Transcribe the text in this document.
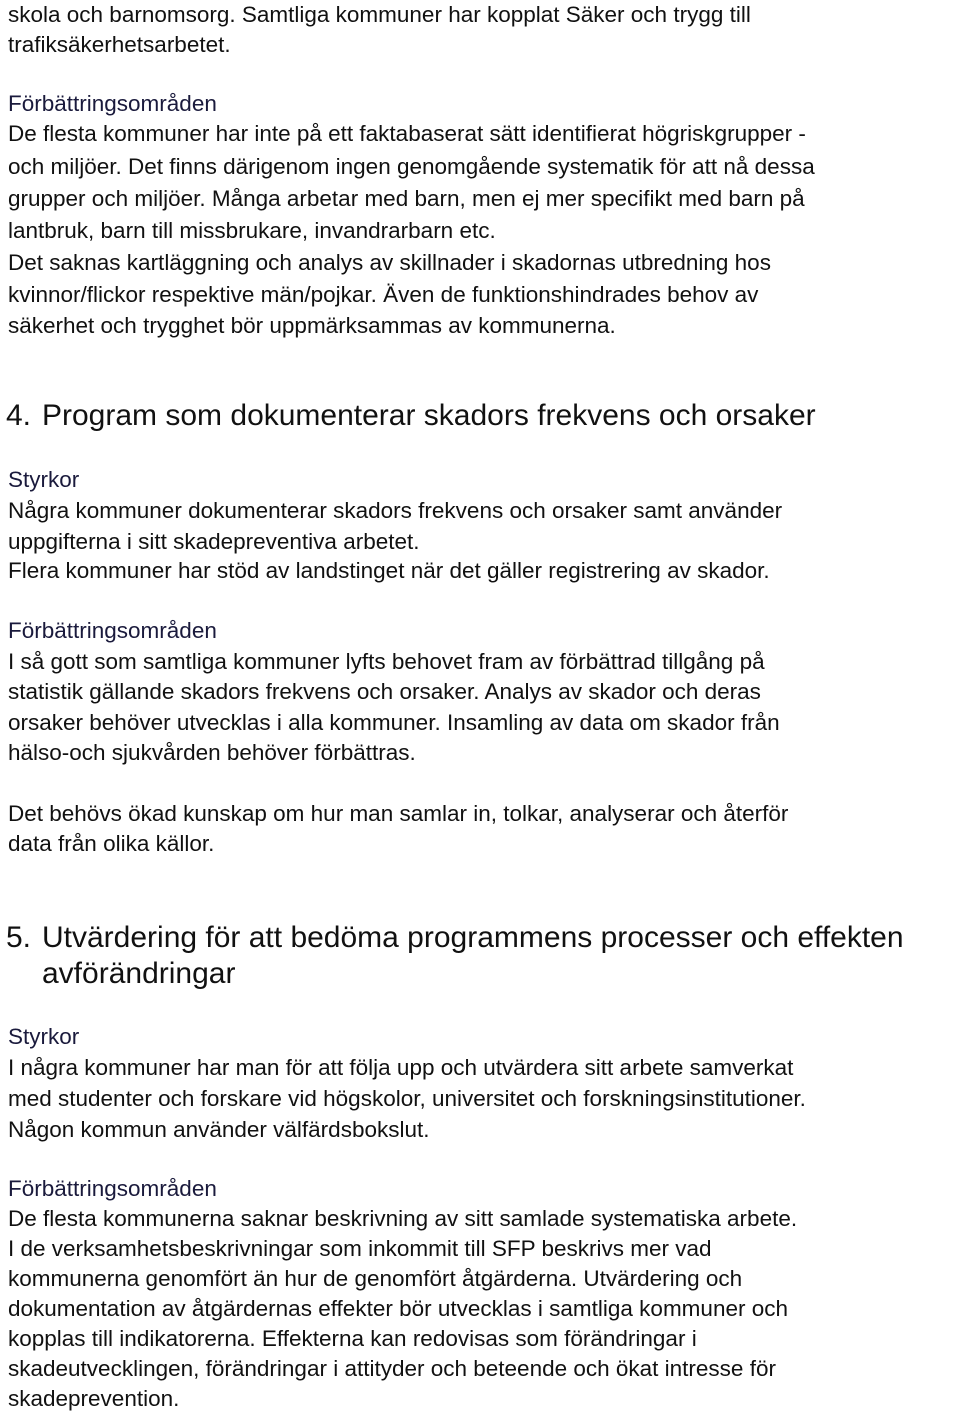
skola och barnomsorg. Samtliga kommuner har kopplat Säker och trygg till

trafiksäkerhetsarbetet.

Förbättringsområden

De flesta kommuner har inte på ett faktabaserat sätt identifierat högriskgrupper -

och miljöer. Det finns därigenom ingen genomgående systematik för att nå dessa

grupper och miljöer. Många arbetar med barn, men ej mer specifikt med barn på

lantbruk, barn till missbrukare, invandrarbarn etc.

Det saknas kartläggning och analys av skillnader i skadornas utbredning hos

kvinnor/flickor respektive män/pojkar. Även de funktionshindrades behov av

säkerhet och trygghet bör uppmärksammas av kommunerna.

4. Program som dokumenterar skadors frekvens och orsaker

Styrkor

Några kommuner dokumenterar skadors frekvens och orsaker samt använder

uppgifterna i sitt skadepreventiva arbetet.

Flera kommuner har stöd av landstinget när det gäller registrering av skador.

Förbättringsområden

I så gott som samtliga kommuner lyfts behovet fram av förbättrad tillgång på

statistik gällande skadors frekvens och orsaker. Analys av skador och deras

orsaker behöver utvecklas i alla kommuner. Insamling av data om skador från

hälso-och sjukvården behöver förbättras.

Det behövs ökad kunskap om hur man samlar in, tolkar, analyserar och återför

data från olika källor.

5. Utvärdering för att bedöma programmens processer och effekten
avförändringar

Styrkor

I några kommuner har man för att följa upp och utvärdera sitt arbete samverkat

med studenter och forskare vid högskolor, universitet och forskningsinstitutioner.

Någon kommun använder välfärdsbokslut.

Förbättringsområden

De flesta kommunerna saknar beskrivning av sitt samlade systematiska arbete.

I de verksamhetsbeskrivningar som inkommit till SFP beskrivs mer vad

kommunerna genomfört än hur de genomfört åtgärderna. Utvärdering och

dokumentation av åtgärdernas effekter bör utvecklas i samtliga kommuner och

kopplas till indikatorerna. Effekterna kan redovisas som förändringar i

skadeutvecklingen, förändringar i attityder och beteende och ökat intresse för

skadeprevention.
